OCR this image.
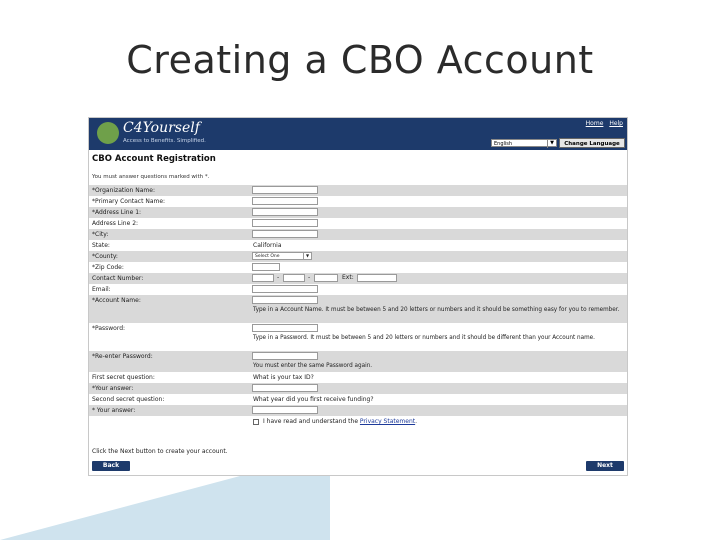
Creating a CBO Account
C4Yourself
Access to Benefits. Simplified.
Home Help
English	▼	Change Language
CBO Account Registration
You must answer questions marked with *.
*Organization Name:
*Primary Contact Name:
*Address Line 1:
Address Line 2:
*City:
State:	California
*County:	Select One	▼
*Zip Code:
Contact Number:	-	-	Ext:
Email:
*Account Name:
Type in a Account Name. It must be between 5 and 20 letters or numbers and it should be something easy for you to remember.
*Password:
Type in a Password. It must be between 5 and 20 letters or numbers and it should be different than your Account name.
*Re-enter Password:
You must enter the same Password again.
First secret question:	What is your tax ID?
*Your answer:
Second secret question:	What year did you first receive funding?
* Your answer:
I have read and understand the Privacy Statement.
Click the Next button to create your account.
Back	Next
